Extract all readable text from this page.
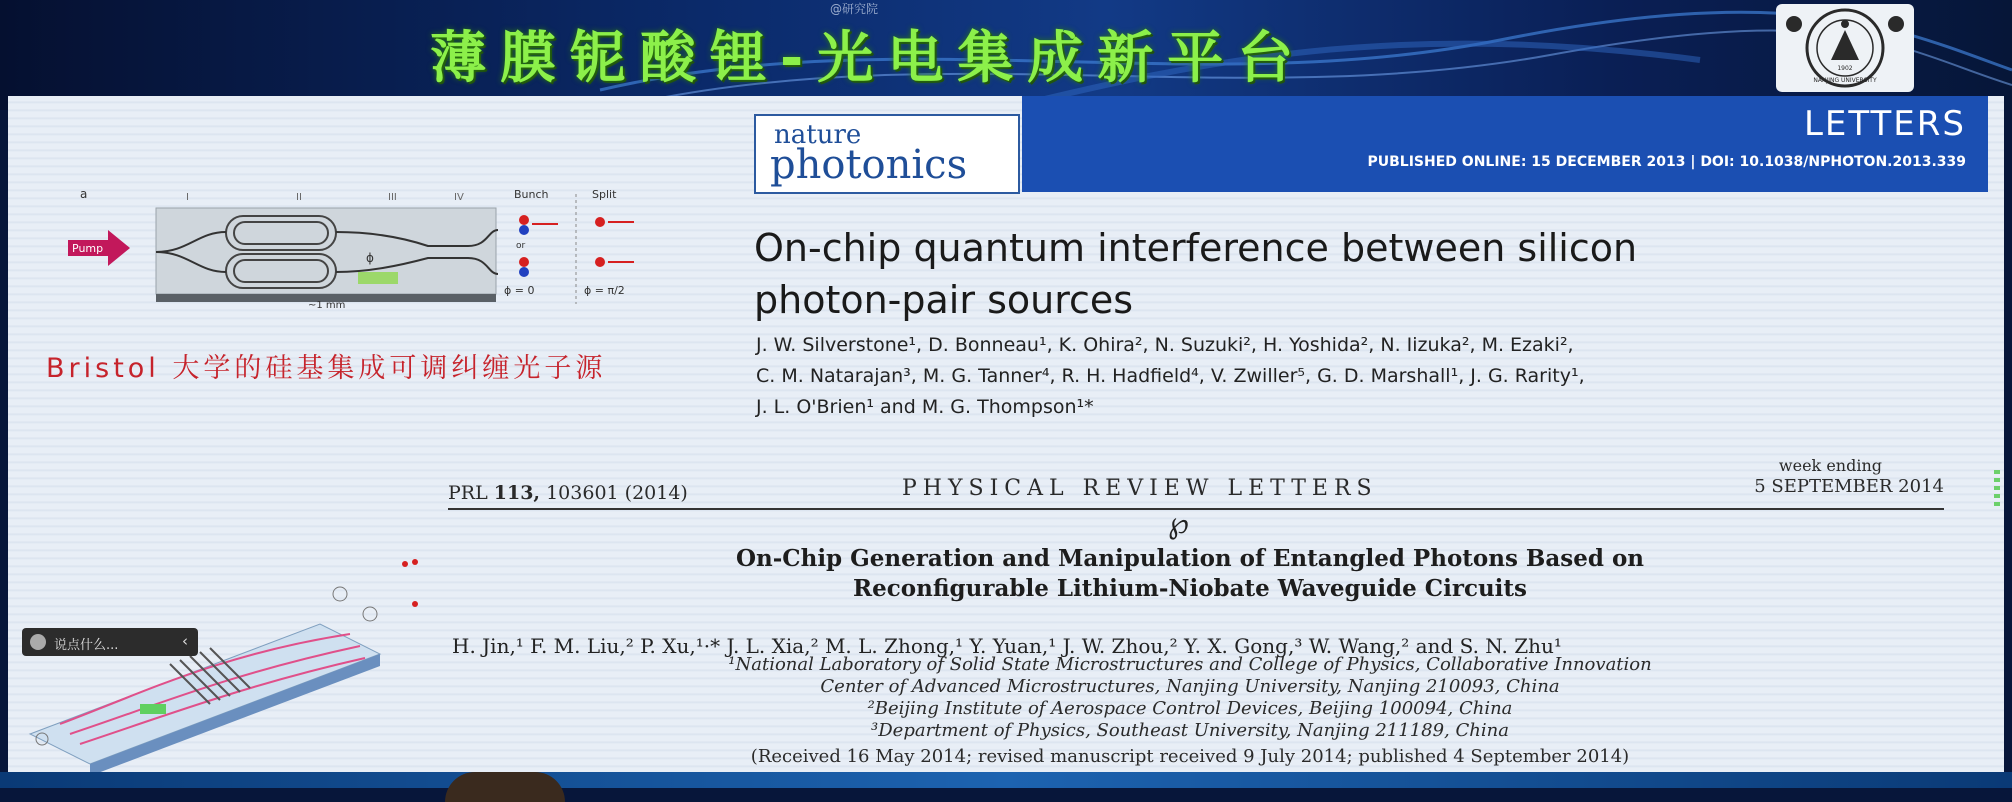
@研究院
薄膜铌酸锂-光电集成新平台	NANJING UNIVERSITY
1902
nature
photonics
LETTERS
PUBLISHED ONLINE: 15 DECEMBER 2013 | DOI: 10.1038/NPHOTON.2013.339
On-chip quantum interference between silicon
photon-pair sources
J. W. Silverstone¹, D. Bonneau¹, K. Ohira², N. Suzuki², H. Yoshida², N. Iizuka², M. Ezaki²,
C. M. Natarajan³, M. G. Tanner⁴, R. H. Hadfield⁴, V. Zwiller⁵, G. D. Marshall¹, J. G. Rarity¹,
J. L. O'Brien¹ and M. G. Thompson¹*
a	I	II	III	IV	Bunch	Split
ϕ
Pump	or
ϕ = 0	ϕ = π/2
~1 mm
Bristol 大学的硅基集成可调纠缠光子源
PRL 113, 103601 (2014)	PHYSICAL REVIEW LETTERS
week ending
5 SEPTEMBER 2014
℘
On-Chip Generation and Manipulation of Entangled Photons Based on
Reconfigurable Lithium-Niobate Waveguide Circuits
H. Jin,¹ F. M. Liu,² P. Xu,¹·* J. L. Xia,² M. L. Zhong,¹ Y. Yuan,¹ J. W. Zhou,² Y. X. Gong,³ W. Wang,² and S. N. Zhu¹
¹National Laboratory of Solid State Microstructures and College of Physics, Collaborative Innovation
Center of Advanced Microstructures, Nanjing University, Nanjing 210093, China
²Beijing Institute of Aerospace Control Devices, Beijing 100094, China
³Department of Physics, Southeast University, Nanjing 211189, China
(Received 16 May 2014; revised manuscript received 9 July 2014; published 4 September 2014)
说点什么...	‹
